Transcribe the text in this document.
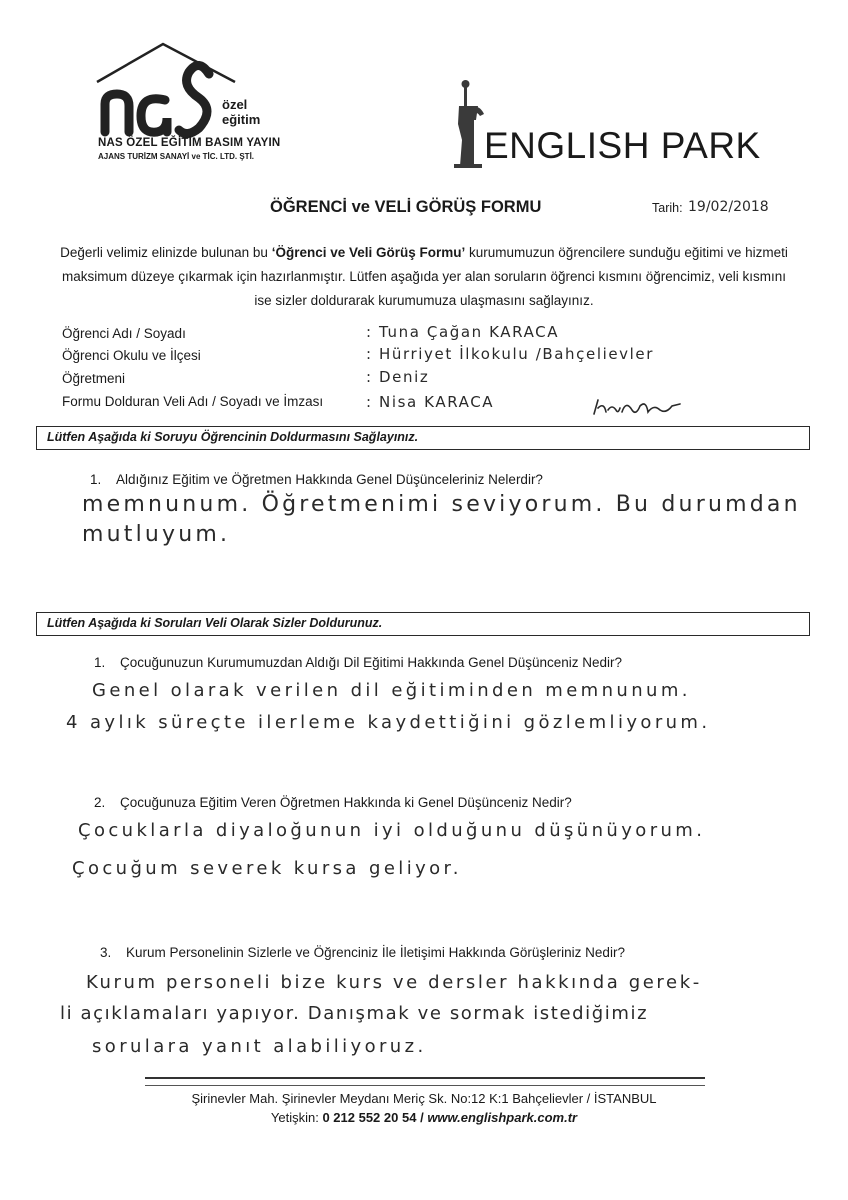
özel
eğitim
NAS ÖZEL EĞİTİM BASIM YAYIN
AJANS TURİZM SANAYİ ve TİC. LTD. ŞTİ.	ENGLISH PARK
ÖĞRENCİ ve VELİ GÖRÜŞ FORMU	Tarih: 19/02/2018
Değerli velimiz elinizde bulunan bu ‘Öğrenci ve Veli Görüş Formu’ kurumumuzun öğrencilere sunduğu eğitimi ve hizmeti maksimum düzeye çıkarmak için hazırlanmıştır. Lütfen aşağıda yer alan soruların öğrenci kısmını öğrencimiz, veli kısmını ise sizler doldurarak kurumumuza ulaşmasını sağlayınız.
Öğrenci Adı / Soyadı	: Tuna Çağan KARACA
Öğrenci Okulu ve İlçesi	: Hürriyet İlkokulu /Bahçelievler
Öğretmeni	: Deniz
Formu Dolduran Veli Adı / Soyadı ve İmzası	: Nisa KARACA
Lütfen Aşağıda ki Soruyu Öğrencinin Doldurmasını Sağlayınız.
1. Aldığınız Eğitim ve Öğretmen Hakkında Genel Düşünceleriniz Nelerdir?
memnunum. Öğretmenimi seviyorum. Bu durumdan
mutluyum.
Lütfen Aşağıda ki Soruları Veli Olarak Sizler Doldurunuz.
1. Çocuğunuzun Kurumumuzdan Aldığı Dil Eğitimi Hakkında Genel Düşünceniz Nedir?
Genel olarak verilen dil eğitiminden memnunum.
4 aylık süreçte ilerleme kaydettiğini gözlemliyorum.
2. Çocuğunuza Eğitim Veren Öğretmen Hakkında ki Genel Düşünceniz Nedir?
Çocuklarla diyaloğunun iyi olduğunu düşünüyorum.
Çocuğum severek kursa geliyor.
3. Kurum Personelinin Sizlerle ve Öğrenciniz İle İletişimi Hakkında Görüşleriniz Nedir?
Kurum personeli bize kurs ve dersler hakkında gerek-
li açıklamaları yapıyor. Danışmak ve sormak istediğimiz
sorulara yanıt alabiliyoruz.
Şirinevler Mah. Şirinevler Meydanı Meriç Sk. No:12 K:1 Bahçelievler / İSTANBUL
Yetişkin: 0 212 552 20 54 / www.englishpark.com.tr
